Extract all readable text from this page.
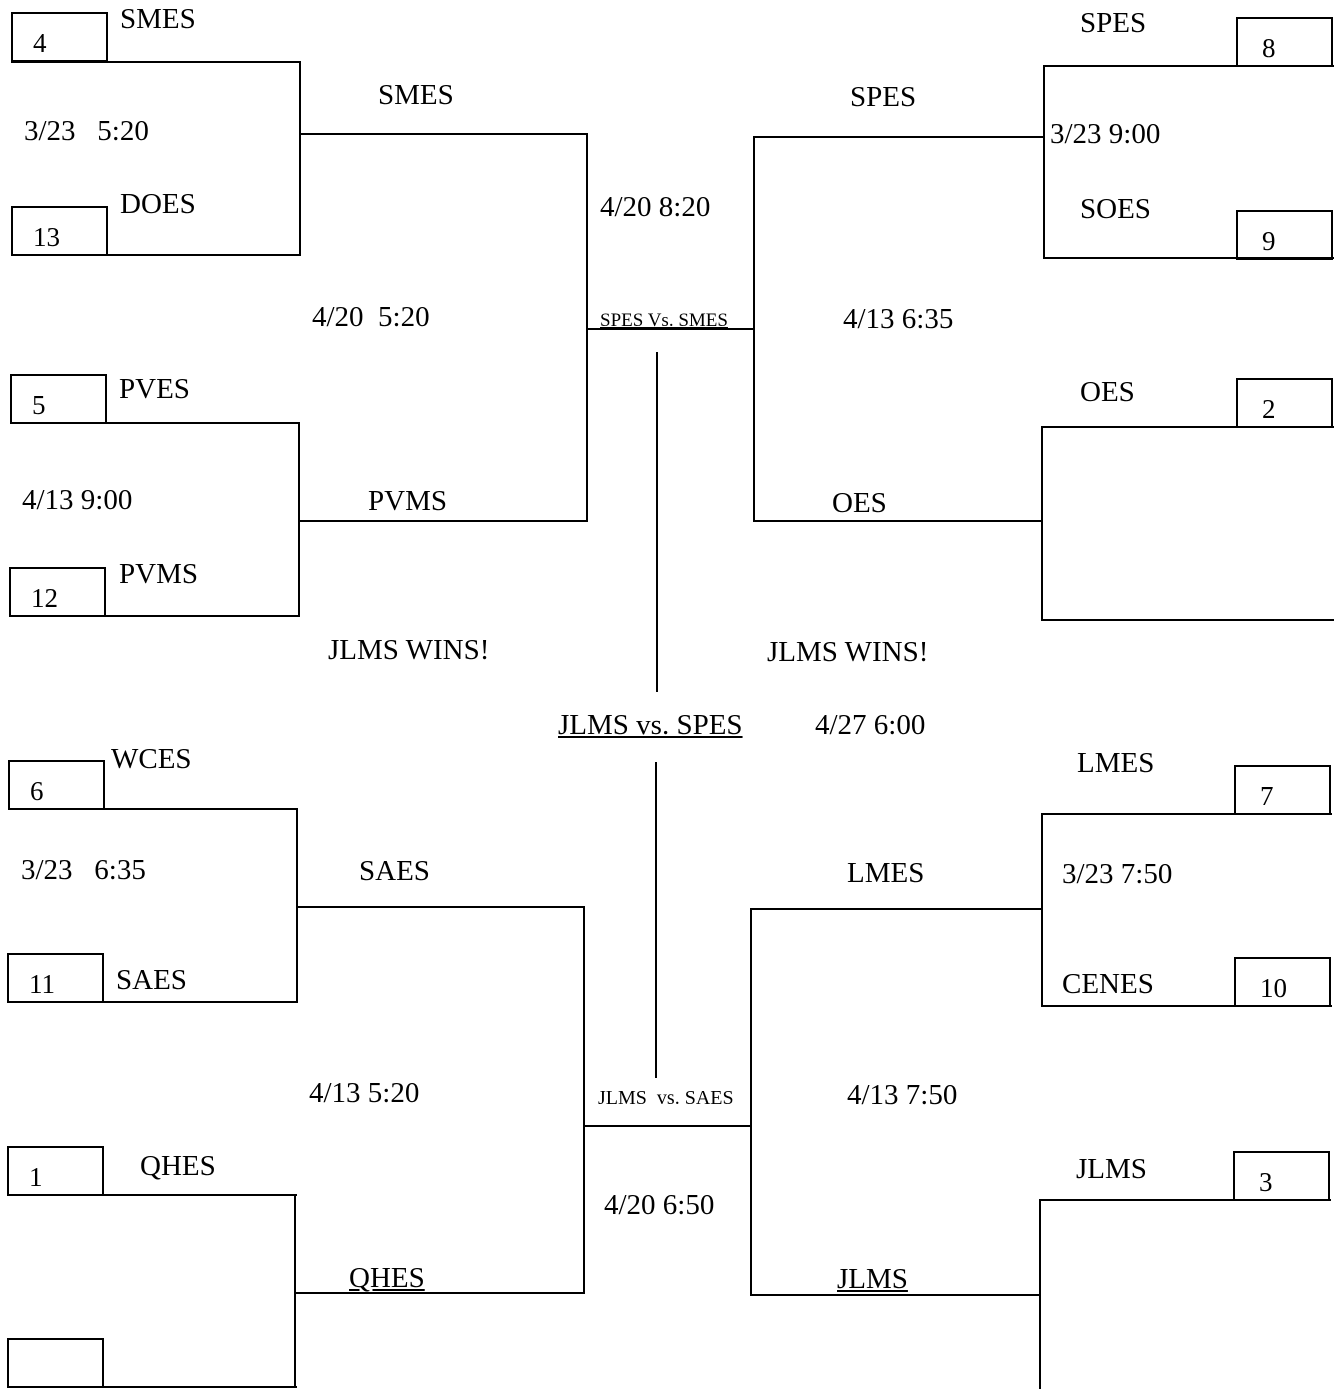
4
SMES
13
DOES
3/23   5:20
5	PVES
12
PVMS
4/13 9:00
SMES
PVMS
4/20  5:20	SPES Vs. SMES
4/20 8:20
8
SPES
9
SOES
3/23 9:00
2
OES
SPES
OES
4/13 6:35
JLMS WINS!	JLMS WINS!
JLMS vs. SPES 4/27 6:00
6
WCES
11 SAES
3/23   6:35
1	QHES
SAES
QHES
4/13 5:20	JLMS  vs. SAES
4/20 6:50
7
LMES
10
CENES
3/23 7:50
3
JLMS
LMES
JLMS
4/13 7:50
